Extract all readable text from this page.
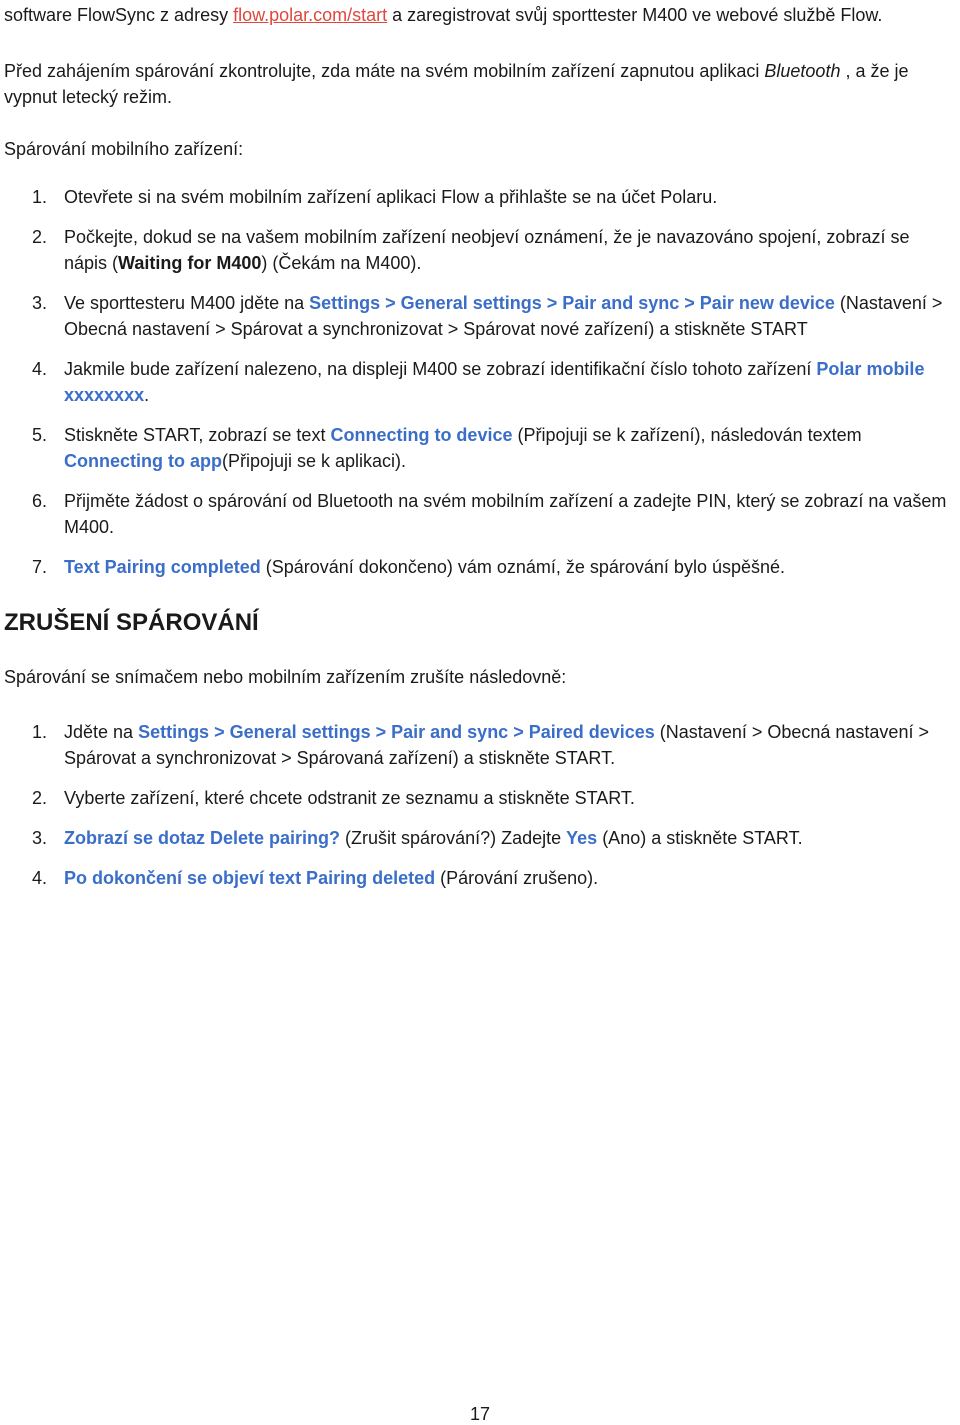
software FlowSync z adresy flow.polar.com/start a zaregistrovat svůj sporttester M400 ve webové službě Flow.

Před zahájením spárování zkontrolujte, zda máte na svém mobilním zařízení zapnutou aplikaci Bluetooth , a že je vypnut letecký režim.

Spárování mobilního zařízení:

1. Otevřete si na svém mobilním zařízení aplikaci Flow a přihlašte se na účet Polaru.
2. Počkejte, dokud se na vašem mobilním zařízení neobjeví oznámení, že je navazováno spojení, zobrazí se nápis (Waiting for M400) (Čekám na M400).
3. Ve sporttesteru M400 jděte na Settings > General settings > Pair and sync > Pair new device (Nastavení > Obecná nastavení > Spárovat a synchronizovat > Spárovat nové zařízení) a stiskněte START
4. Jakmile bude zařízení nalezeno, na displeji M400 se zobrazí identifikační číslo tohoto zařízení Polar mobile xxxxxxxx.
5. Stiskněte START, zobrazí se text Connecting to device (Připojuji se k zařízení), následován textem Connecting to app(Připojuji se k aplikaci).
6. Přijměte žádost o spárování od Bluetooth na svém mobilním zařízení a zadejte PIN, který se zobrazí na vašem M400.
7. Text Pairing completed (Spárování dokončeno) vám oznámí, že spárování bylo úspěšné.
ZRUŠENÍ SPÁROVÁNÍ

Spárování se snímačem nebo mobilním zařízením zrušíte následovně:

1. Jděte na Settings > General settings > Pair and sync > Paired devices (Nastavení > Obecná nastavení > Spárovat a synchronizovat > Spárovaná zařízení) a stiskněte START.
2. Vyberte zařízení, které chcete odstranit ze seznamu a stiskněte START.
3. Zobrazí se dotaz Delete pairing? (Zrušit spárování?) Zadejte Yes (Ano) a stiskněte START.
4. Po dokončení se objeví text Pairing deleted (Párování zrušeno).
17
